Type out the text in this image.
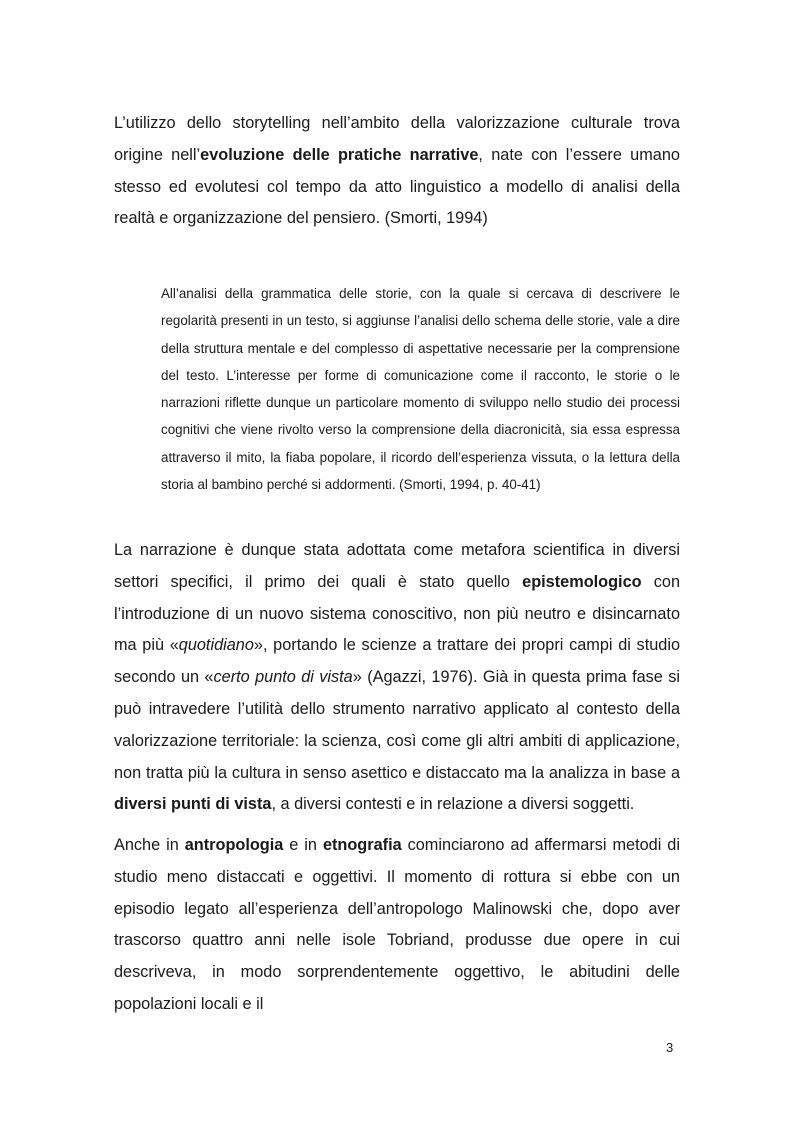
L’utilizzo dello storytelling nell’ambito della valorizzazione culturale trova origine nell’evoluzione delle pratiche narrative, nate con l’essere umano stesso ed evolutesi col tempo da atto linguistico a modello di analisi della realtà e organizzazione del pensiero. (Smorti, 1994)

All’analisi della grammatica delle storie, con la quale si cercava di descrivere le regolarità presenti in un testo, si aggiunse l’analisi dello schema delle storie, vale a dire della struttura mentale e del complesso di aspettative necessarie per la comprensione del testo. L’interesse per forme di comunicazione come il racconto, le storie o le narrazioni riflette dunque un particolare momento di sviluppo nello studio dei processi cognitivi che viene rivolto verso la comprensione della diacronicità, sia essa espressa attraverso il mito, la fiaba popolare, il ricordo dell’esperienza vissuta, o la lettura della storia al bambino perché si addormenti. (Smorti, 1994, p. 40-41)

La narrazione è dunque stata adottata come metafora scientifica in diversi settori specifici, il primo dei quali è stato quello epistemologico con l’introduzione di un nuovo sistema conoscitivo, non più neutro e disincarnato ma più «quotidiano», portando le scienze a trattare dei propri campi di studio secondo un «certo punto di vista» (Agazzi, 1976). Già in questa prima fase si può intravedere l’utilità dello strumento narrativo applicato al contesto della valorizzazione territoriale: la scienza, così come gli altri ambiti di applicazione, non tratta più la cultura in senso asettico e distaccato ma la analizza in base a diversi punti di vista, a diversi contesti e in relazione a diversi soggetti.

Anche in antropologia e in etnografia cominciarono ad affermarsi metodi di studio meno distaccati e oggettivi. Il momento di rottura si ebbe con un episodio legato all’esperienza dell’antropologo Malinowski che, dopo aver trascorso quattro anni nelle isole Tobriand, produsse due opere in cui descriveva, in modo sorprendentemente oggettivo, le abitudini delle popolazioni locali e il

3
